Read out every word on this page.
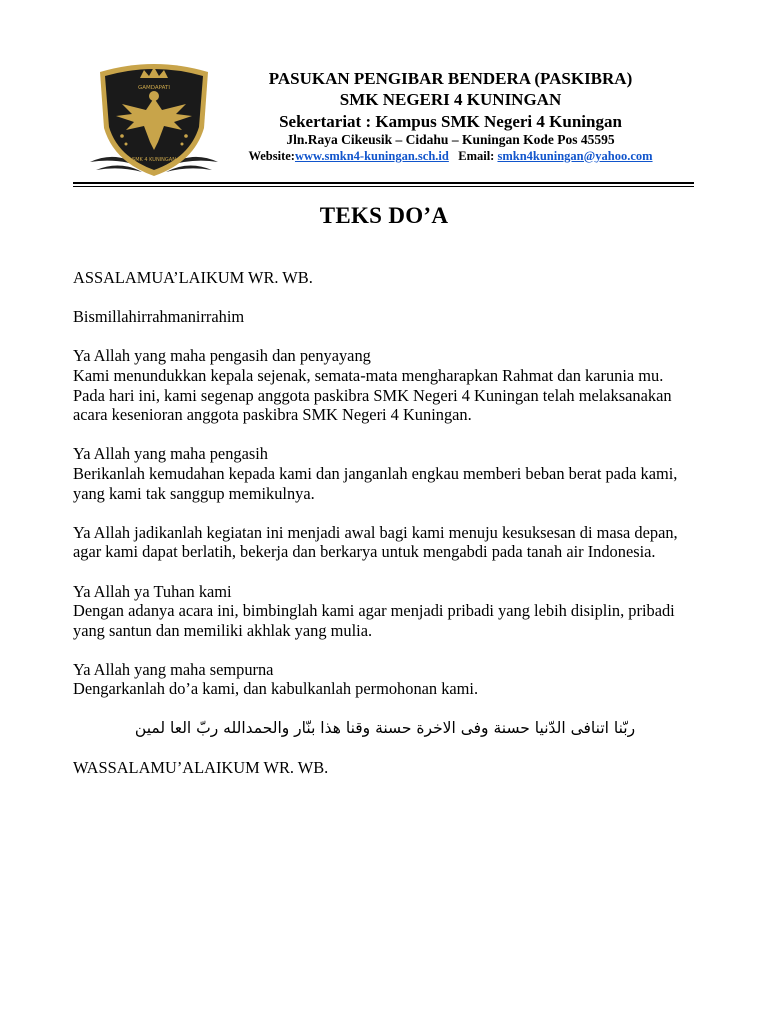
GAMDAPATI
SMK 4 KUNINGAN
PASUKAN PENGIBAR BENDERA (PASKIBRA)
SMK NEGERI 4 KUNINGAN
Sekertariat : Kampus SMK Negeri 4 Kuningan
Jln.Raya Cikeusik – Cidahu – Kuningan Kode Pos 45595
Website:www.smkn4-kuningan.sch.id Email: smkn4kuningan@yahoo.com
TEKS DO’A

ASSALAMUA’LAIKUM WR. WB.

Bismillahirrahmanirrahim

Ya Allah yang maha pengasih dan penyayang
Kami menundukkan kepala sejenak, semata-mata mengharapkan Rahmat dan karunia mu. Pada hari ini, kami segenap anggota paskibra SMK Negeri 4 Kuningan telah melaksanakan acara kesenioran anggota paskibra SMK Negeri 4 Kuningan.

Ya Allah yang maha pengasih
Berikanlah kemudahan kepada kami dan janganlah engkau memberi beban berat pada kami, yang kami tak sanggup memikulnya.

Ya Allah jadikanlah kegiatan ini menjadi awal bagi kami menuju kesuksesan di masa depan, agar kami dapat berlatih, bekerja dan berkarya untuk mengabdi pada tanah air Indonesia.

Ya Allah ya Tuhan kami
Dengan adanya acara ini, bimbinglah kami agar menjadi pribadi yang lebih disiplin, pribadi yang santun dan memiliki akhlak yang mulia.

Ya Allah yang maha sempurna
Dengarkanlah do’a kami, dan kabulkanlah permohonan kami.

ربّنا اتنافى الدّنيا حسنة وفى الاخرة حسنة وقنا هذا بنّار والحمدالله ربّ العا لمين

WASSALAMU’ALAIKUM WR. WB.
